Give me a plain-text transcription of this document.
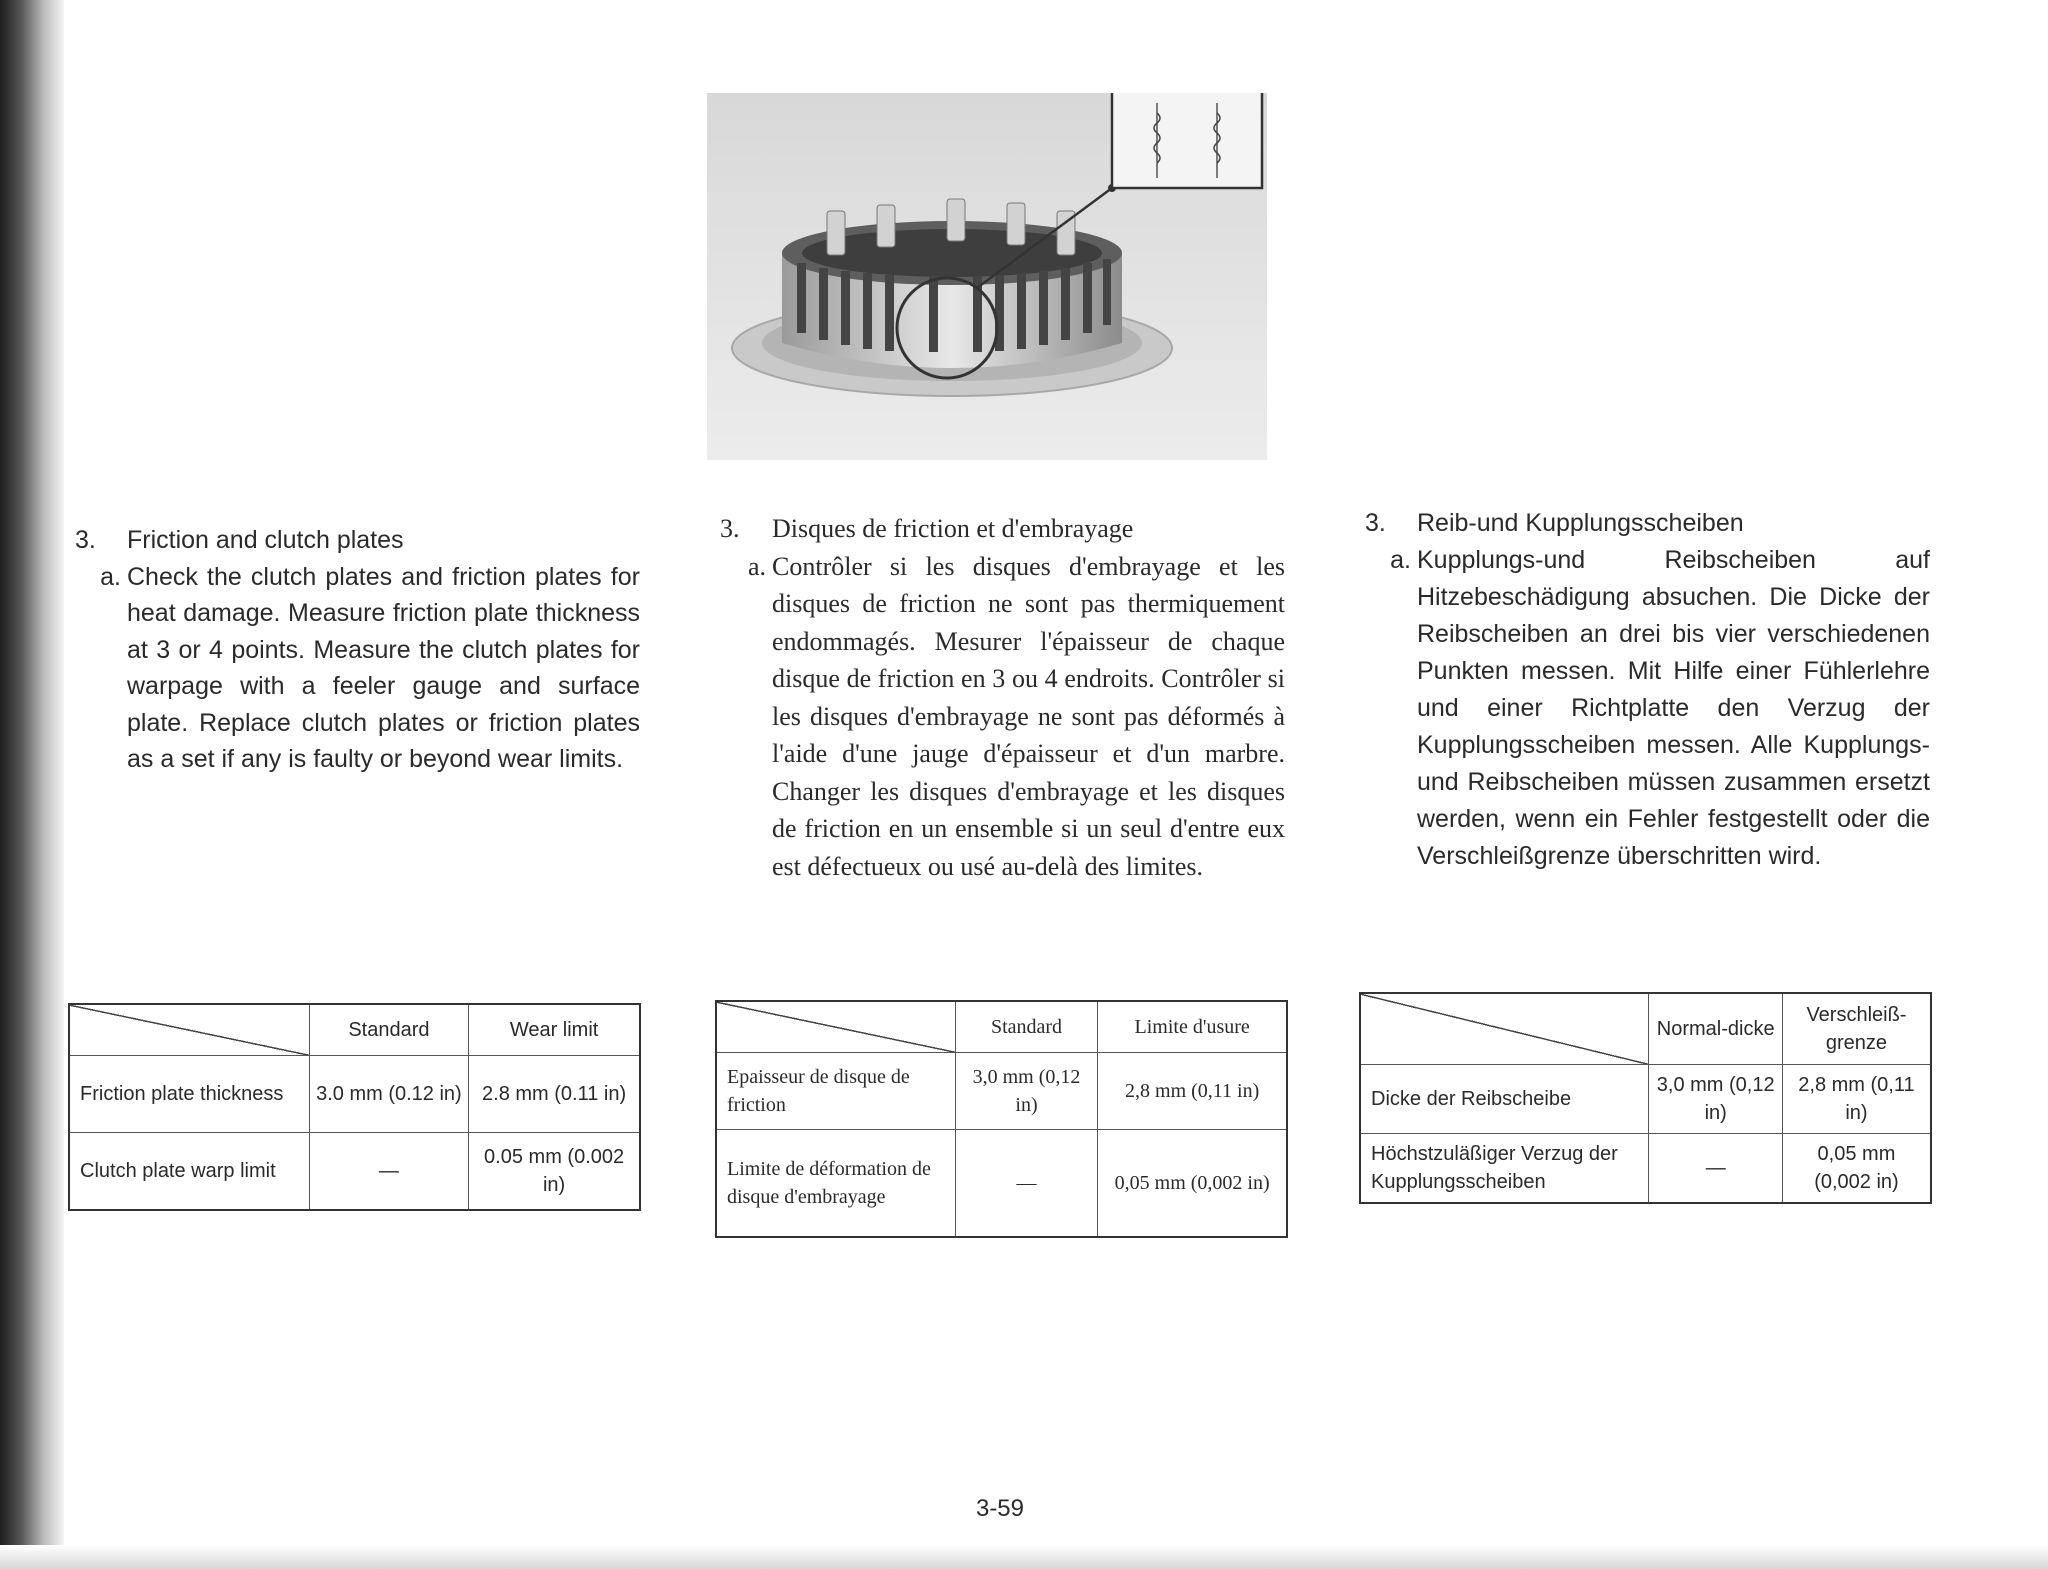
3.	Friction and clutch plates
a. Check the clutch plates and friction plates for heat damage. Measure friction plate thickness at 3 or 4 points. Measure the clutch plates for warpage with a feeler gauge and surface plate. Replace clutch plates or friction plates as a set if any is faulty or beyond wear limits.
3.	Disques de friction et d'embrayage
a. Contrôler si les disques d'embrayage et les disques de friction ne sont pas thermiquement endommagés. Mesurer l'épaisseur de chaque disque de friction en 3 ou 4 endroits. Contrôler si les disques d'embrayage ne sont pas déformés à l'aide d'une jauge d'épaisseur et d'un marbre. Changer les disques d'embrayage et les disques de friction en un ensemble si un seul d'entre eux est défectueux ou usé au-delà des limites.
3.	Reib-und Kupplungsscheiben
a. Kupplungs-und Reibscheiben auf Hitzebeschädigung absuchen. Die Dicke der Reibscheiben an drei bis vier verschiedenen Punkten messen. Mit Hilfe einer Fühlerlehre und einer Richtplatte den Verzug der Kupplungsscheiben messen. Alle Kupplungs-und Reibscheiben müssen zusammen ersetzt werden, wenn ein Fehler festgestellt oder die Verschleißgrenze überschritten wird.
	Standard	Wear limit
Friction plate thickness	3.0 mm (0.12 in)	2.8 mm (0.11 in)
Clutch plate warp limit	—	0.05 mm (0.002 in)
	Standard	Limite d'usure
Epaisseur de disque de friction	3,0 mm (0,12 in)	2,8 mm (0,11 in)
Limite de déformation de disque d'embrayage	—	0,05 mm (0,002 in)
	Normal-dicke	Verschleiß-grenze
Dicke der Reibscheibe	3,0 mm (0,12 in)	2,8 mm (0,11 in)
Höchstzuläßiger Verzug der Kupplungsscheiben	—	0,05 mm (0,002 in)
3-59
